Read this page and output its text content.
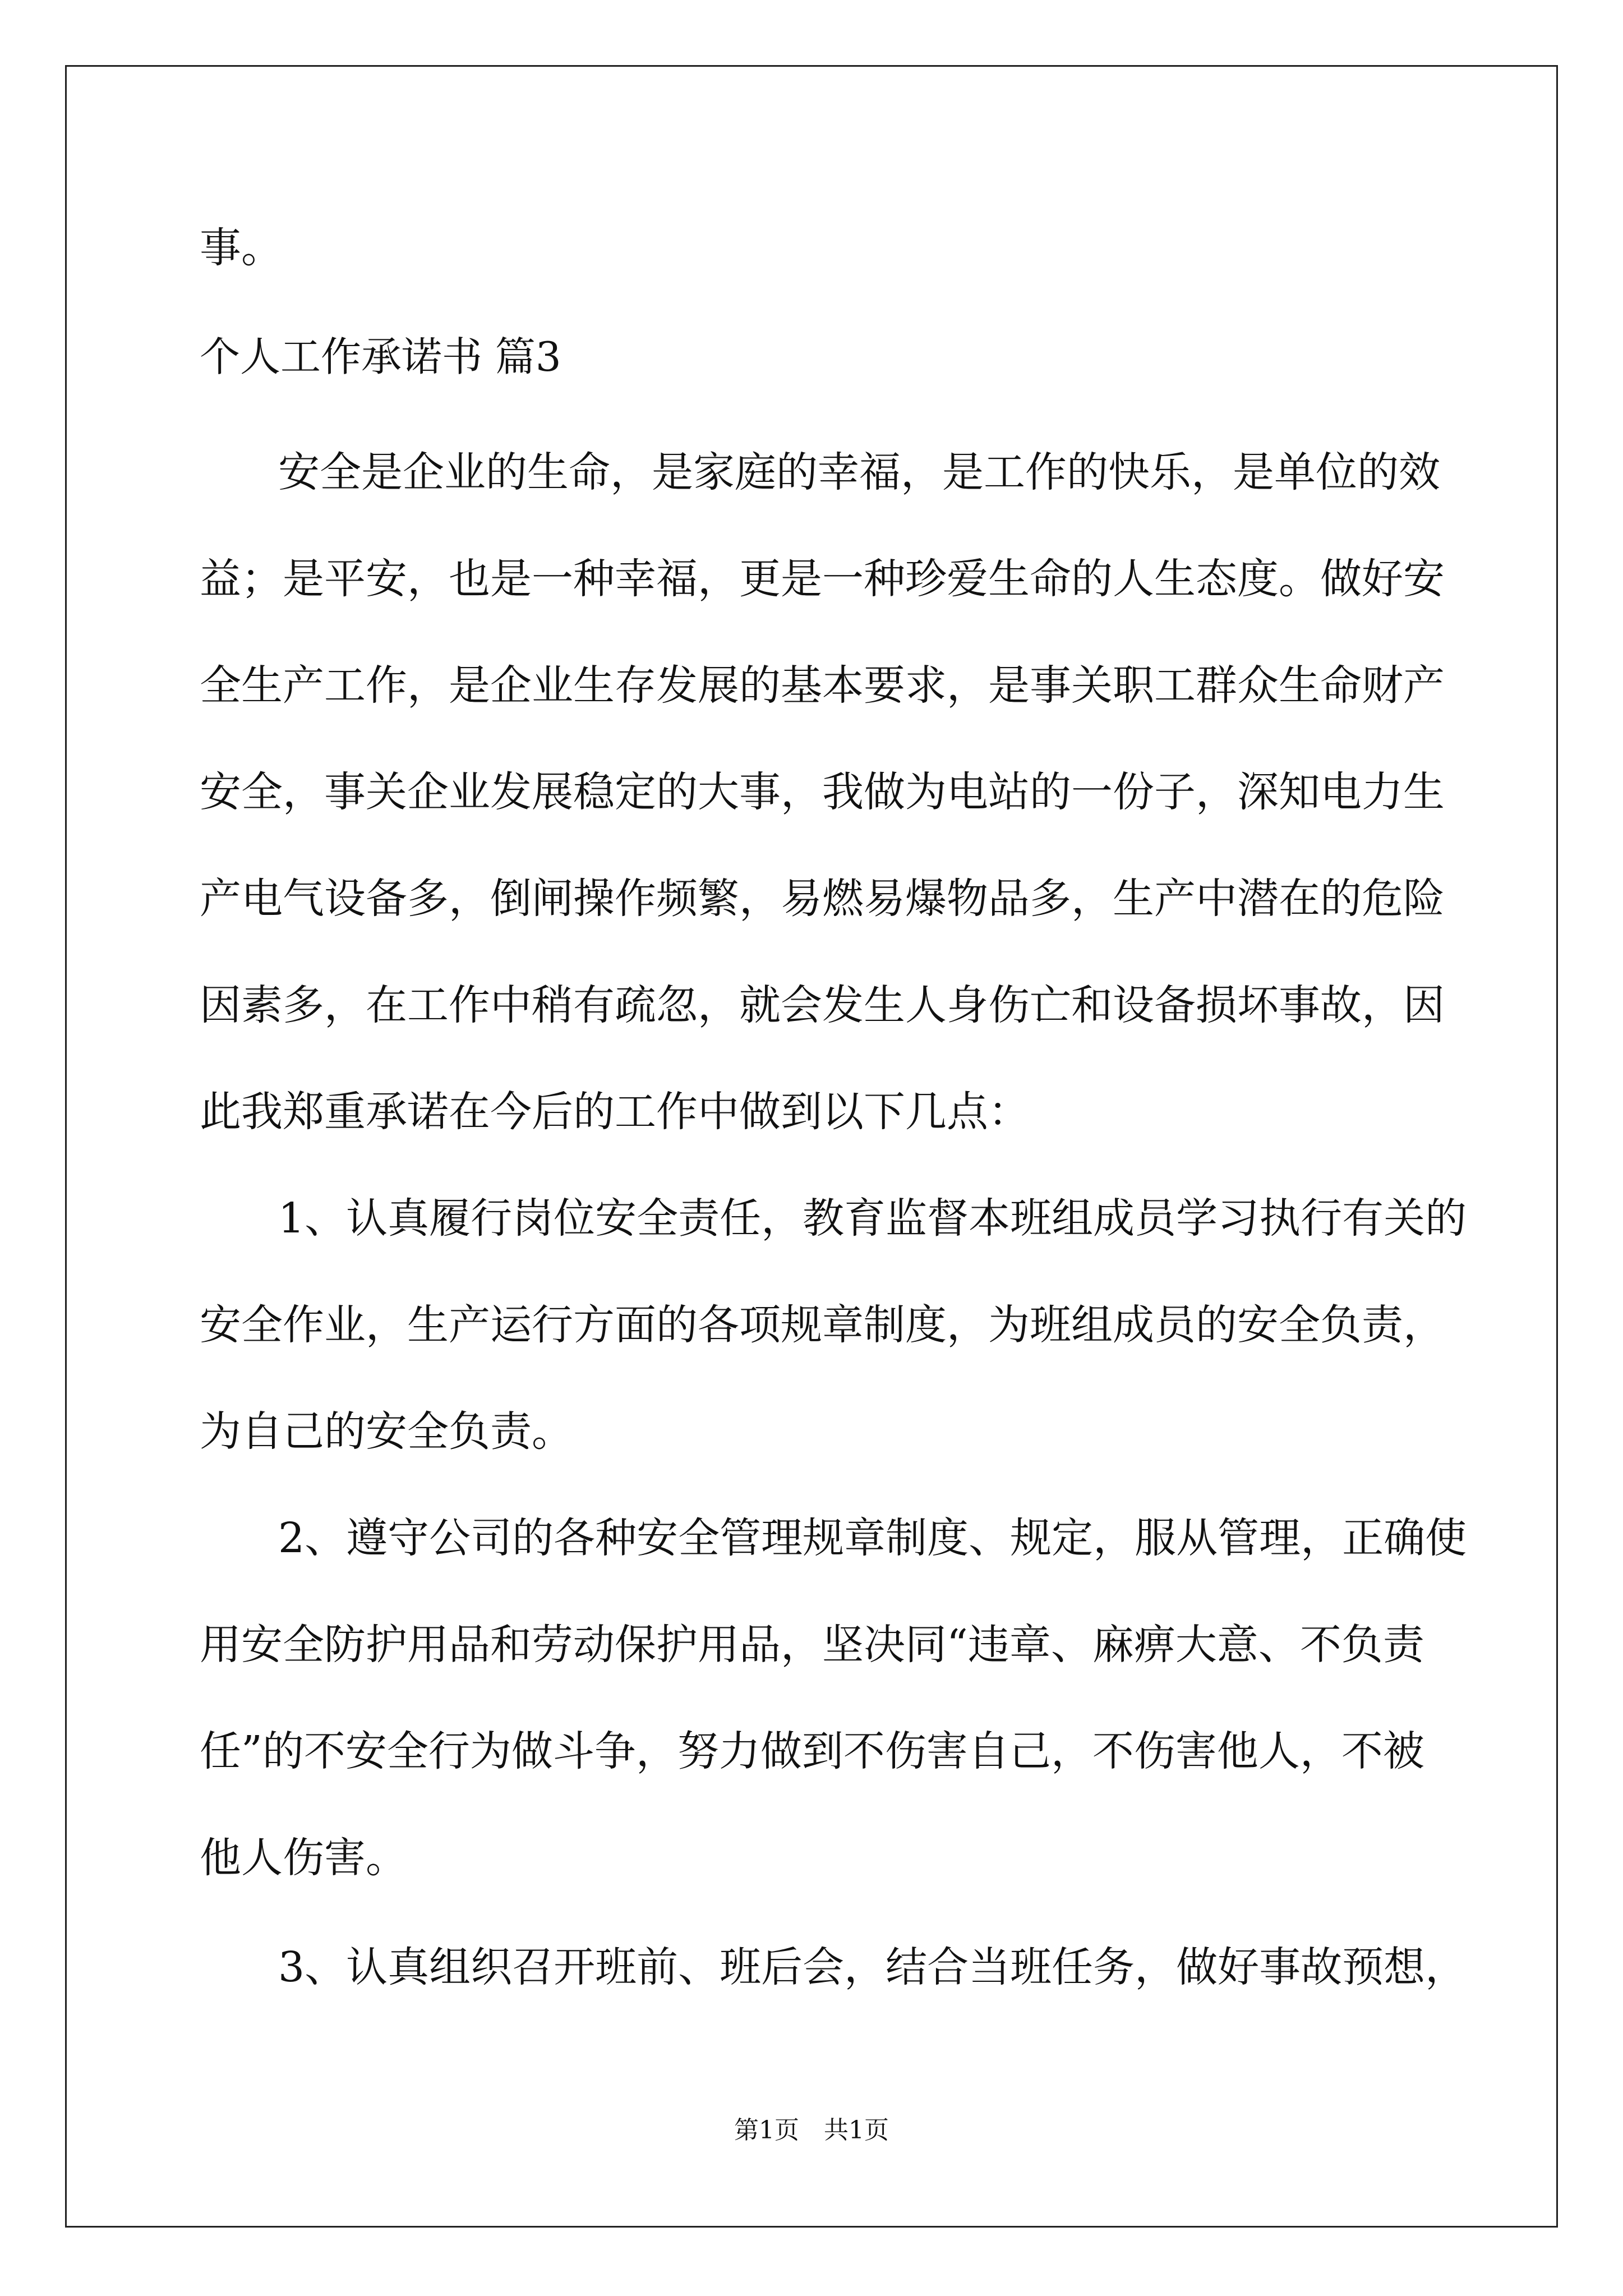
事。
个人工作承诺书 篇3
安全是企业的生命，是家庭的幸福，是工作的快乐，是单位的效
益；是平安，也是一种幸福，更是一种珍爱生命的人生态度。做好安
全生产工作，是企业生存发展的基本要求，是事关职工群众生命财产
安全，事关企业发展稳定的大事，我做为电站的一份子，深知电力生
产电气设备多，倒闸操作频繁，易燃易爆物品多，生产中潜在的危险
因素多，在工作中稍有疏忽，就会发生人身伤亡和设备损坏事故，因
此我郑重承诺在今后的工作中做到以下几点：
1、认真履行岗位安全责任，教育监督本班组成员学习执行有关的
安全作业，生产运行方面的各项规章制度，为班组成员的安全负责，
为自己的安全负责。
2、遵守公司的各种安全管理规章制度、规定，服从管理，正确使
用安全防护用品和劳动保护用品，坚决同“违章、麻痹大意、不负责
任”的不安全行为做斗争，努力做到不伤害自己，不伤害他人，不被
他人伤害。
3、认真组织召开班前、班后会，结合当班任务，做好事故预想，
第1页　共1页
